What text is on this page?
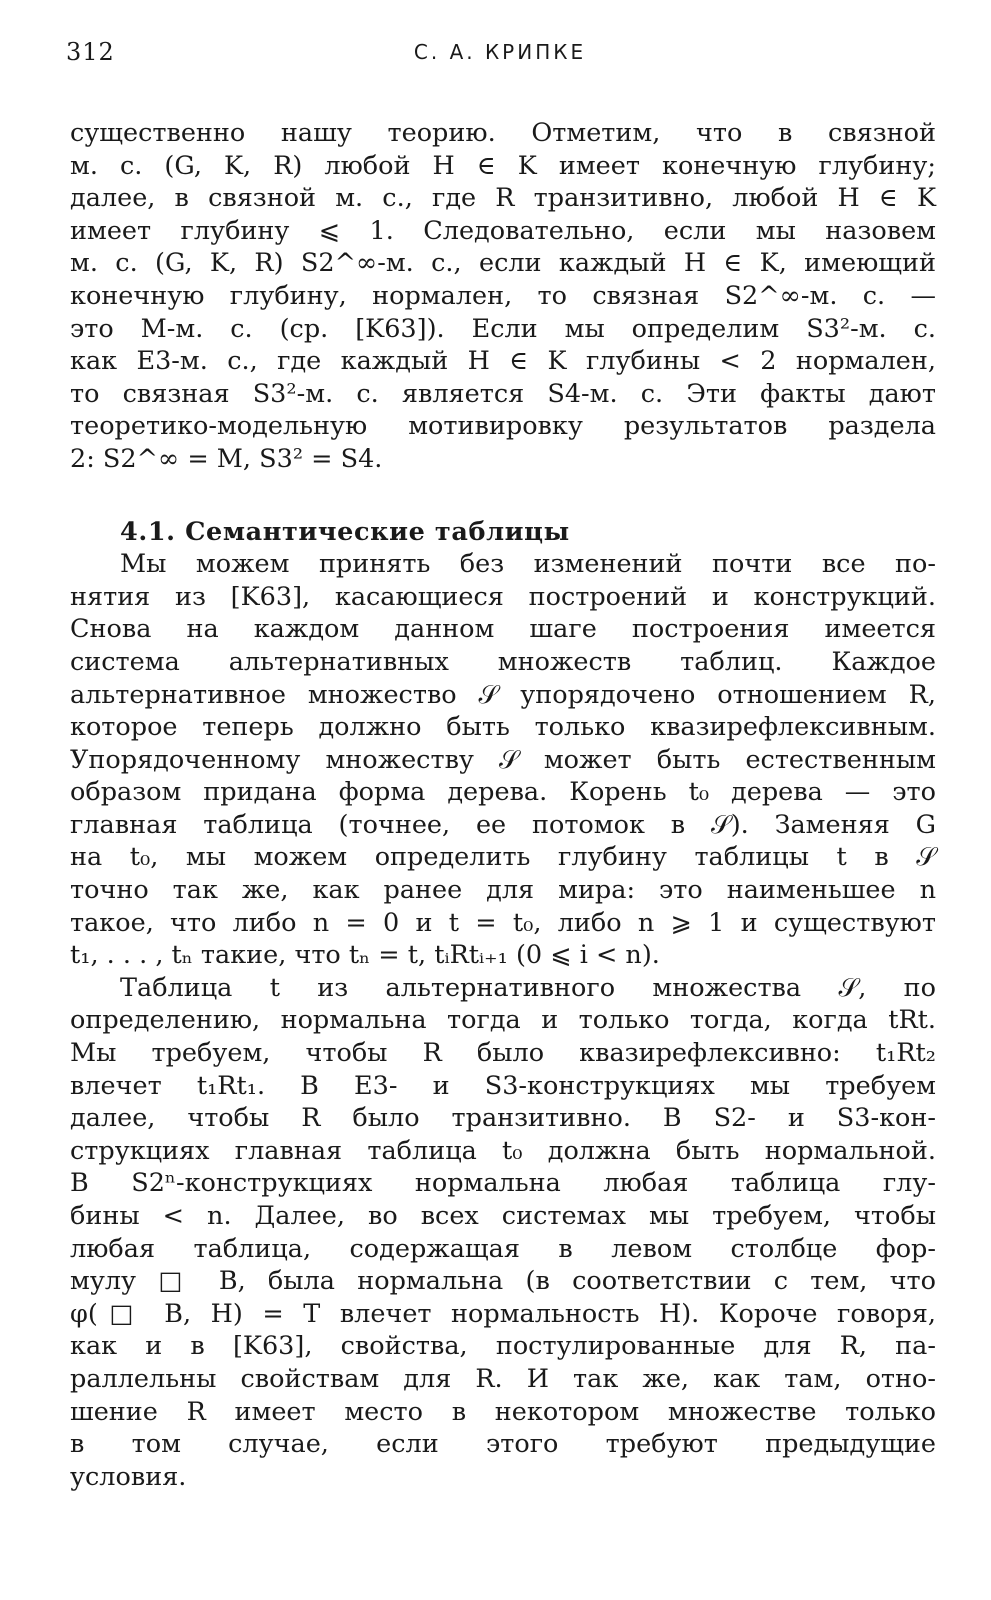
312	С. А. КРИПКЕ
существенно нашу теорию. Отметим, что в связной
м. с. (G, K, R) любой H ∈ K имеет конечную глубину;
далее, в связной м. с., где R транзитивно, любой H ∈ K
имеет глубину ⩽ 1. Следовательно, если мы назовем
м. с. (G, K, R) S2^∞-м. с., если каждый H ∈ K, имеющий
конечную глубину, нормален, то связная S2^∞-м. с. —
это M-м. с. (ср. [K63]). Если мы определим S3²-м. с.
как E3-м. с., где каждый H ∈ K глубины < 2 нормален,
то связная S3²-м. с. является S4-м. с. Эти факты дают
теоретико-модельную мотивировку результатов раздела
2: S2^∞ = M, S3² = S4.
4.1. Семантические таблицы
Мы можем принять без изменений почти все по-
нятия из [K63], касающиеся построений и конструкций.
Снова на каждом данном шаге построения имеется
система альтернативных множеств таблиц. Каждое
альтернативное множество 𝒮 упорядочено отношением R,
которое теперь должно быть только квазирефлексивным.
Упорядоченному множеству 𝒮 может быть естественным
образом придана форма дерева. Корень t₀ дерева — это
главная таблица (точнее, ее потомок в 𝒮). Заменяя G
на t₀, мы можем определить глубину таблицы t в 𝒮
точно так же, как ранее для мира: это наименьшее n
такое, что либо n = 0 и t = t₀, либо n ⩾ 1 и существуют
t₁, . . . , tₙ такие, что tₙ = t, tᵢRtᵢ₊₁ (0 ⩽ i < n).
Таблица t из альтернативного множества 𝒮, по
определению, нормальна тогда и только тогда, когда tRt.
Мы требуем, чтобы R было квазирефлексивно: t₁Rt₂
влечет t₁Rt₁. В E3- и S3-конструкциях мы требуем
далее, чтобы R было транзитивно. В S2- и S3-кон-
струкциях главная таблица t₀ должна быть нормальной.
В S2ⁿ-конструкциях нормальна любая таблица глу-
бины < n. Далее, во всех системах мы требуем, чтобы
любая таблица, содержащая в левом столбце фор-
мулу □ B, была нормальна (в соответствии с тем, что
φ(□ B, H) = T влечет нормальность H). Короче говоря,
как и в [K63], свойства, постулированные для R, па-
раллельны свойствам для R. И так же, как там, отно-
шение R имеет место в некотором множестве только
в том случае, если этого требуют предыдущие
условия.
